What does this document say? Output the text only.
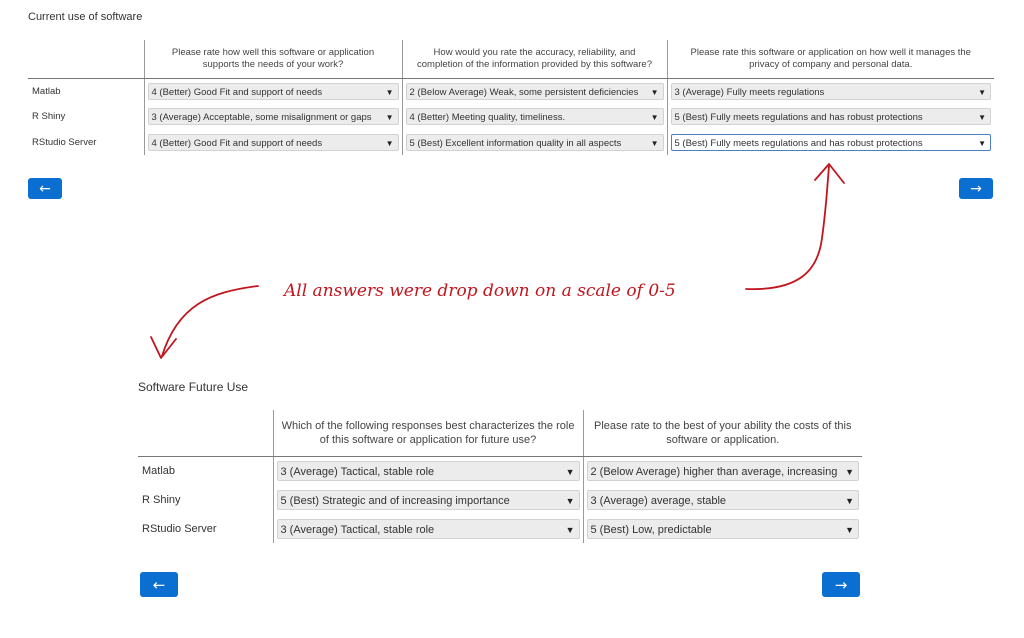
Current use of software
	Please rate how well this software or application supports the needs of your work?	How would you rate the accuracy, reliability, and completion of the information provided by this software?	Please rate this software or application on how well it manages the privacy of company and personal data.
Matlab	4 (Better) Good Fit and support of needs ▼	2 (Below Average) Weak, some persistent deficiencies ▼	3 (Average) Fully meets regulations ▼

R Shiny	3 (Average) Acceptable, some misalignment or gaps ▼	4 (Better) Meeting quality, timeliness. ▼	5 (Best) Fully meets regulations and has robust protections ▼

RStudio Server	4 (Better) Good Fit and support of needs ▼	5 (Best) Excellent information quality in all aspects ▼	5 (Best) Fully meets regulations and has robust protections ▼
←	→
All answers were drop down on a scale of 0-5
Software Future Use
	Which of the following responses best characterizes the role of this software or application for future use?	Please rate to the best of your ability the costs of this software or application.
Matlab	3 (Average) Tactical, stable role ▼	2 (Below Average) higher than average, increasing ▼

R Shiny	5 (Best) Strategic and of increasing importance ▼	3 (Average) average, stable ▼

RStudio Server	3 (Average) Tactical, stable role ▼	5 (Best) Low, predictable ▼
←	→
